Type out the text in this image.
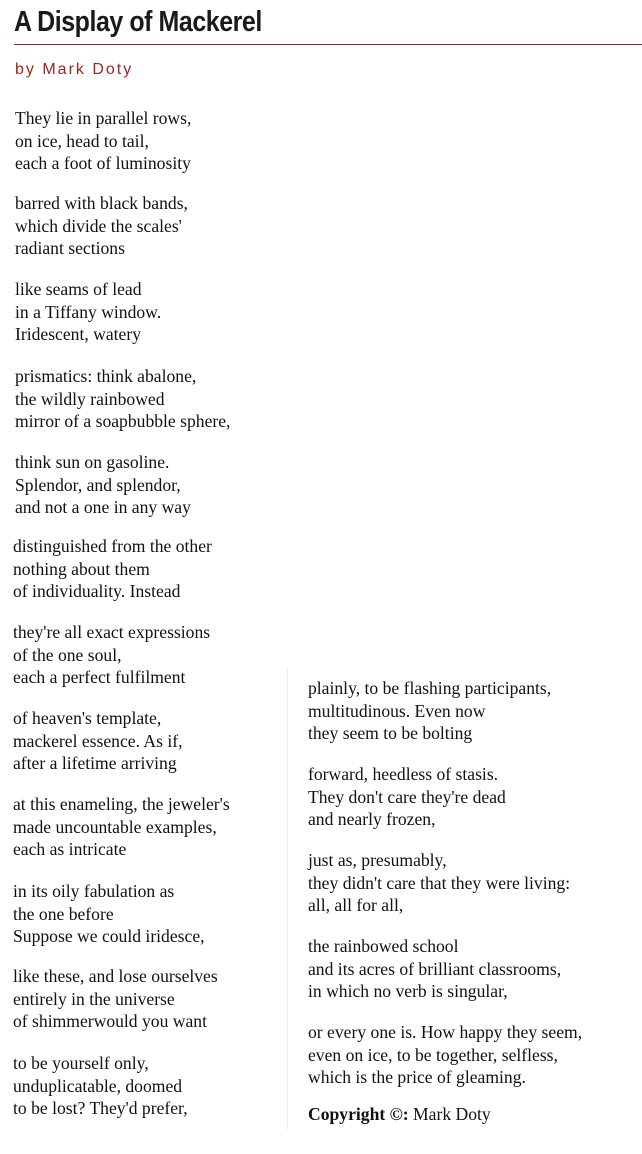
A Display of Mackerel
by Mark Doty

They lie in parallel rows,
on ice, head to tail,
each a foot of luminosity

barred with black bands,
which divide the scales'
radiant sections

like seams of lead
in a Tiffany window.
Iridescent, watery

prismatics: think abalone,
the wildly rainbowed
mirror of a soapbubble sphere,

think sun on gasoline.
Splendor, and splendor,
and not a one in any way

distinguished from the other
nothing about them
of individuality. Instead

they're all exact expressions
of the one soul,
each a perfect fulfilment

of heaven's template,
mackerel essence. As if,
after a lifetime arriving

at this enameling, the jeweler's
made uncountable examples,
each as intricate

in its oily fabulation as
the one before
Suppose we could iridesce,

like these, and lose ourselves
entirely in the universe
of shimmerwould you want

to be yourself only,
unduplicatable, doomed
to be lost? They'd prefer,

plainly, to be flashing participants,
multitudinous. Even now
they seem to be bolting

forward, heedless of stasis.
They don't care they're dead
and nearly frozen,

just as, presumably,
they didn't care that they were living:
all, all for all,

the rainbowed school
and its acres of brilliant classrooms,
in which no verb is singular,

or every one is. How happy they seem,
even on ice, to be together, selfless,
which is the price of gleaming.

Copyright ©: Mark Doty
